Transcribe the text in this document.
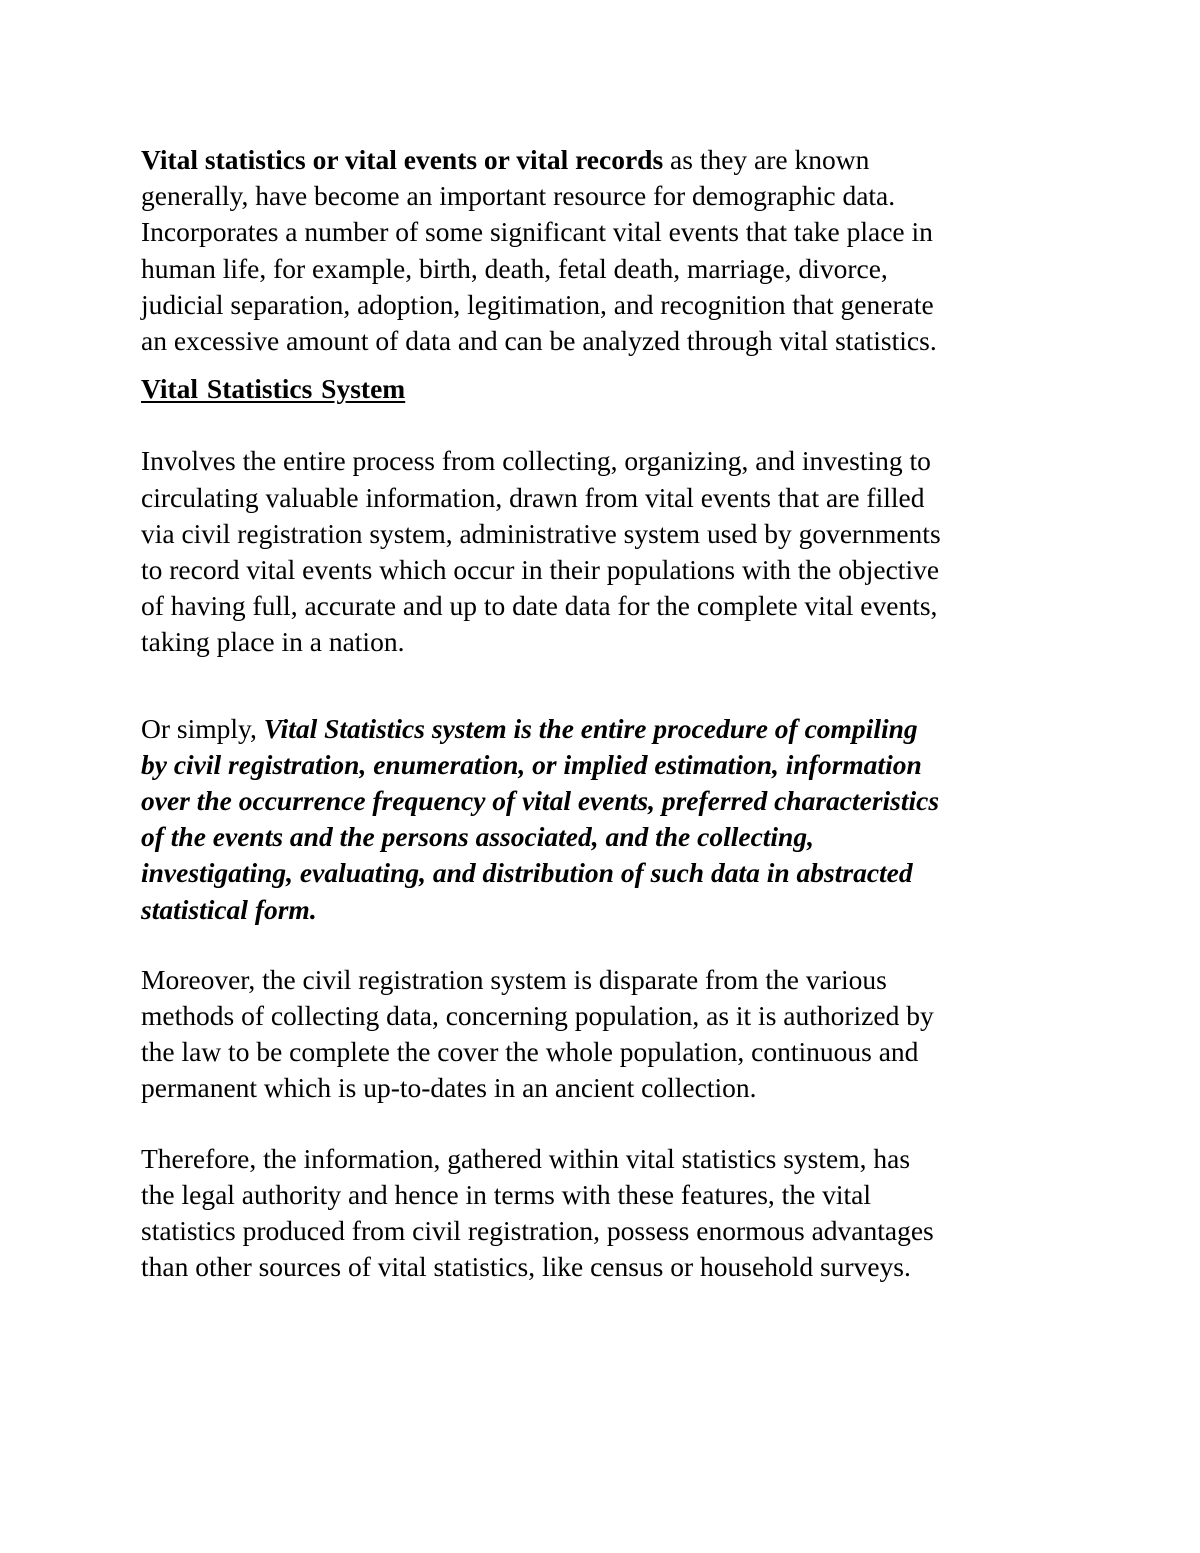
Vital statistics or vital events or vital records as they are known
generally, have become an important resource for demographic data.
Incorporates a number of some significant vital events that take place in
human life, for example, birth, death, fetal death, marriage, divorce,
judicial separation, adoption, legitimation, and recognition that generate
an excessive amount of data and can be analyzed through vital statistics.
Vital Statistics System
Involves the entire process from collecting, organizing, and investing to
circulating valuable information, drawn from vital events that are filled
via civil registration system, administrative system used by governments
to record vital events which occur in their populations with the objective
of having full, accurate and up to date data for the complete vital events,
taking place in a nation.
Or simply, Vital Statistics system is the entire procedure of compiling
by civil registration, enumeration, or implied estimation, information
over the occurrence frequency of vital events, preferred characteristics
of the events and the persons associated, and the collecting,
investigating, evaluating, and distribution of such data in abstracted
statistical form.
Moreover, the civil registration system is disparate from the various
methods of collecting data, concerning population, as it is authorized by
the law to be complete the cover the whole population, continuous and
permanent which is up-to-dates in an ancient collection.
Therefore, the information, gathered within vital statistics system, has
the legal authority and hence in terms with these features, the vital
statistics produced from civil registration, possess enormous advantages
than other sources of vital statistics, like census or household surveys.
